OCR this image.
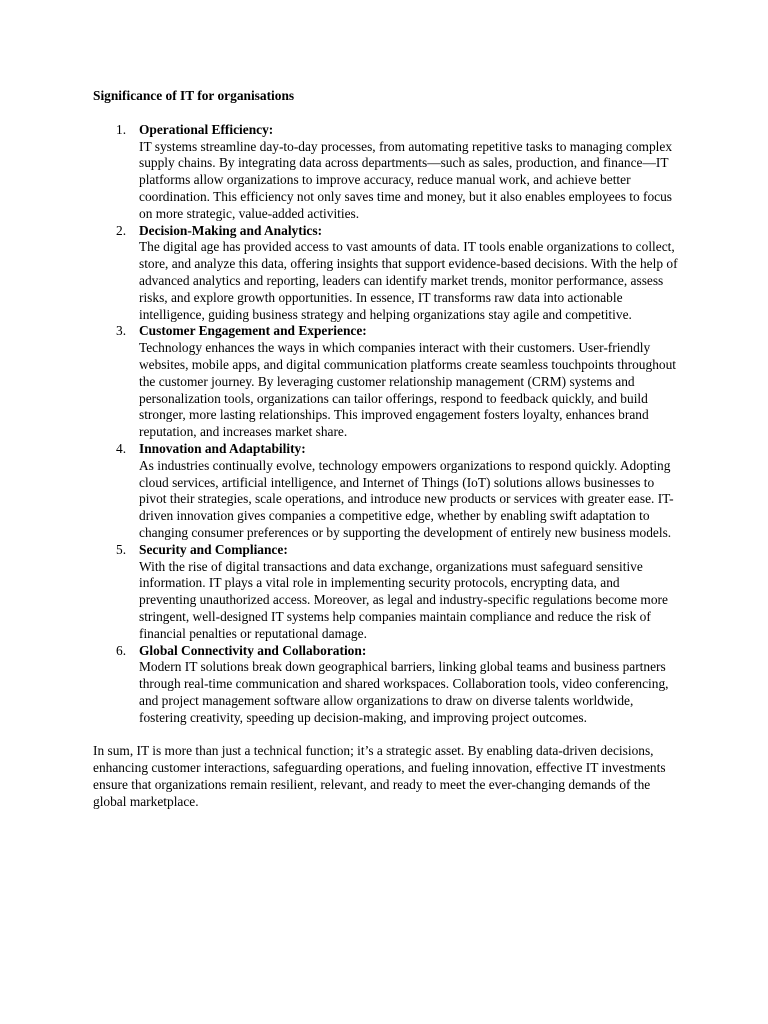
Significance of IT for organisations
Operational Efficiency:
IT systems streamline day-to-day processes, from automating repetitive tasks to managing complex supply chains. By integrating data across departments—such as sales, production, and finance—IT platforms allow organizations to improve accuracy, reduce manual work, and achieve better coordination. This efficiency not only saves time and money, but it also enables employees to focus on more strategic, value-added activities.
Decision-Making and Analytics:
The digital age has provided access to vast amounts of data. IT tools enable organizations to collect, store, and analyze this data, offering insights that support evidence-based decisions. With the help of advanced analytics and reporting, leaders can identify market trends, monitor performance, assess risks, and explore growth opportunities. In essence, IT transforms raw data into actionable intelligence, guiding business strategy and helping organizations stay agile and competitive.
Customer Engagement and Experience:
Technology enhances the ways in which companies interact with their customers. User-friendly websites, mobile apps, and digital communication platforms create seamless touchpoints throughout the customer journey. By leveraging customer relationship management (CRM) systems and personalization tools, organizations can tailor offerings, respond to feedback quickly, and build stronger, more lasting relationships. This improved engagement fosters loyalty, enhances brand reputation, and increases market share.
Innovation and Adaptability:
As industries continually evolve, technology empowers organizations to respond quickly. Adopting cloud services, artificial intelligence, and Internet of Things (IoT) solutions allows businesses to pivot their strategies, scale operations, and introduce new products or services with greater ease. IT-driven innovation gives companies a competitive edge, whether by enabling swift adaptation to changing consumer preferences or by supporting the development of entirely new business models.
Security and Compliance:
With the rise of digital transactions and data exchange, organizations must safeguard sensitive information. IT plays a vital role in implementing security protocols, encrypting data, and preventing unauthorized access. Moreover, as legal and industry-specific regulations become more stringent, well-designed IT systems help companies maintain compliance and reduce the risk of financial penalties or reputational damage.
Global Connectivity and Collaboration:
Modern IT solutions break down geographical barriers, linking global teams and business partners through real-time communication and shared workspaces. Collaboration tools, video conferencing, and project management software allow organizations to draw on diverse talents worldwide, fostering creativity, speeding up decision-making, and improving project outcomes.

In sum, IT is more than just a technical function; it’s a strategic asset. By enabling data-driven decisions, enhancing customer interactions, safeguarding operations, and fueling innovation, effective IT investments ensure that organizations remain resilient, relevant, and ready to meet the ever-changing demands of the global marketplace.
